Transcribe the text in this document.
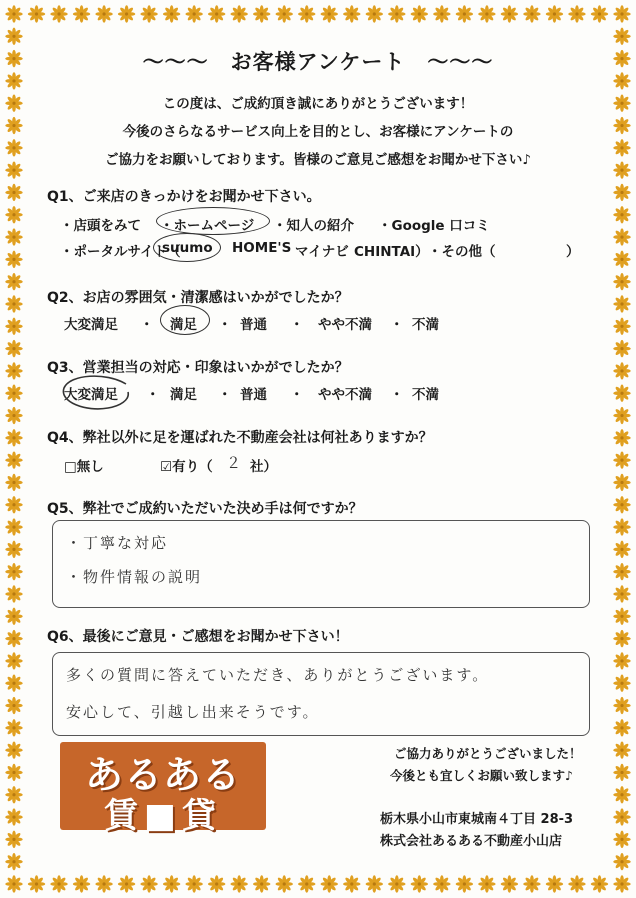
～～～　お客様アンケート　～～～
この度は、ご成約頂き誠にありがとうございます！
今後のさらなるサービス向上を目的とし、お客様にアンケートの
ご協力をお願いしております。皆様のご意見ご感想をお聞かせ下さい♪
Q1、ご来店のきっかけをお聞かせ下さい。
・店頭をみて ・ホームページ ・知人の紹介 ・Google 口コミ
・ポータルサイト（
suumo HOME'S マイナビ CHINTAI） ・その他（	）
Q2、お店の雰囲気・清潔感はいかがでしたか？
大変満足 ・ 満足 ・ 普通 ・ やや不満 ・ 不満
Q3、営業担当の対応・印象はいかがでしたか？
大変満足 ・ 満足 ・ 普通 ・ やや不満 ・ 不満
Q4、弊社以外に足を運ばれた不動産会社は何社ありますか？
□無し	☑有り（ ２ 社）
Q5、弊社でご成約いただいた決め手は何ですか？
・丁寧な対応
・物件情報の説明
Q6、最後にご意見・ご感想をお聞かせ下さい！
多くの質問に答えていただき、ありがとうございます。
安心して、引越し出来そうです。
あるある
賃■貸
ご協力ありがとうございました！
今後とも宜しくお願い致します♪
栃木県小山市東城南４丁目 28-3
株式会社あるある不動産小山店
